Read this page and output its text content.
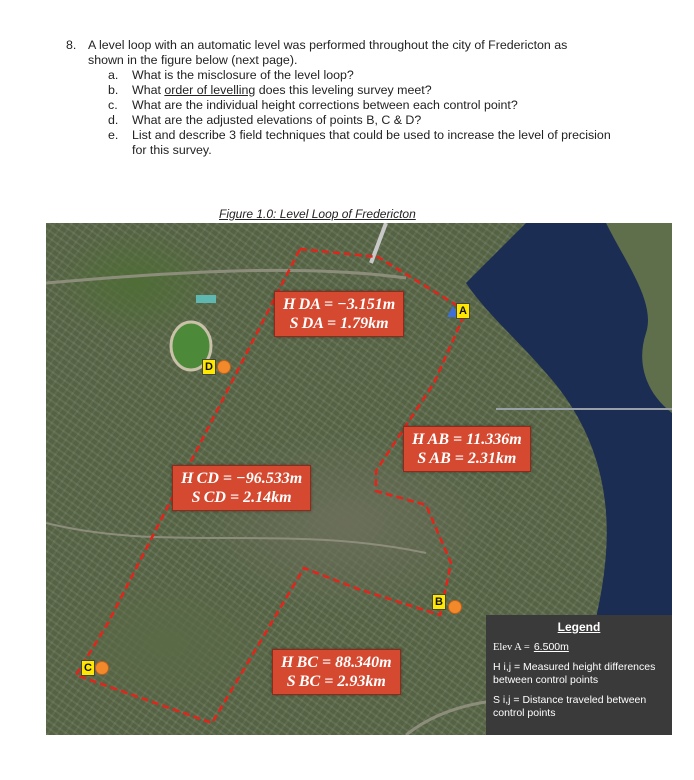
8. A level loop with an automatic level was performed throughout the city of Fredericton as
shown in the figure below (next page).
a. What is the misclosure of the level loop?
b. What order of levelling does this leveling survey meet?
c. What are the individual height corrections between each control point?
d. What are the adjusted elevations of points B, C & D?
e. List and describe 3 field techniques that could be used to increase the level of precision for this survey.
Figure 1.0: Level Loop of Fredericton
H DA = −3.151m
S DA = 1.79km
H AB = 11.336m
S AB = 2.31km
H CD = −96.533m
S CD = 2.14km
H BC = 88.340m
S BC = 2.93km
A
D
B
C
Legend
Elev A = 6.500m
H i,j = Measured height differences between control points
S i,j = Distance traveled between control points
